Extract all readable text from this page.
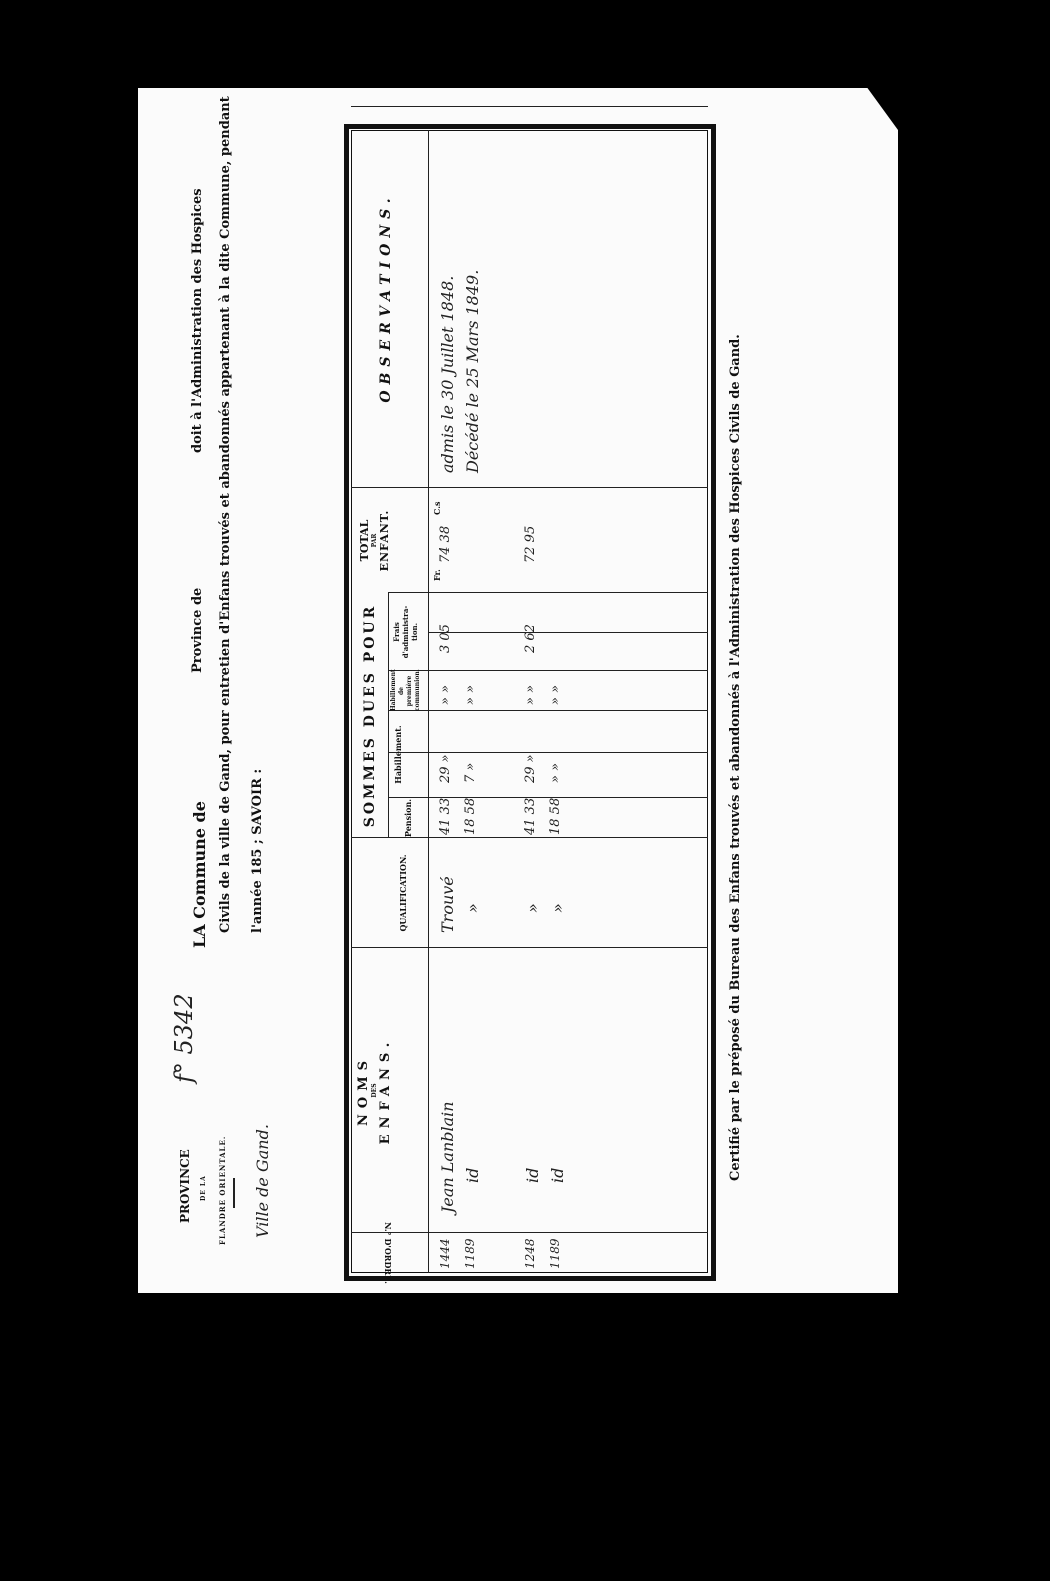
f° 5342
PROVINCE DE LA FLANDRE ORIENTALE. Ville de Gand.
LA Commune de
Province de
doit à l'Administration des Hospices Civils de la ville de Gand, pour entretien d'Enfans trouvés et abandonnés appartenant à la dite Commune, pendant l'année 185 ; SAVOIR :
N.° D'ORDRE.
NOMS DES ENFANS.
QUALIFICATION.
SOMMES DUES POUR	Pension.
Habillement.
Habillement de première communion.
Frais d'administra- tion.
TOTAL PAR ENFANT.
Fr.
C.s
OBSERVATIONS.
1444
Jean Lanblain
Trouvé
41 33
29 »
» »
3 05
74 38
admis le 30 Juillet 1848.
1189
id
»
18 58
7 »
» »
Décédé le 25 Mars 1849.
1248
id
»
41 33
29 »
» »
2 62
72 95
1189
id
»
18 58
» »
» »	Certifié par le préposé du Bureau des Enfans trouvés et abandonnés à l'Administration des Hospices Civils de Gand.
